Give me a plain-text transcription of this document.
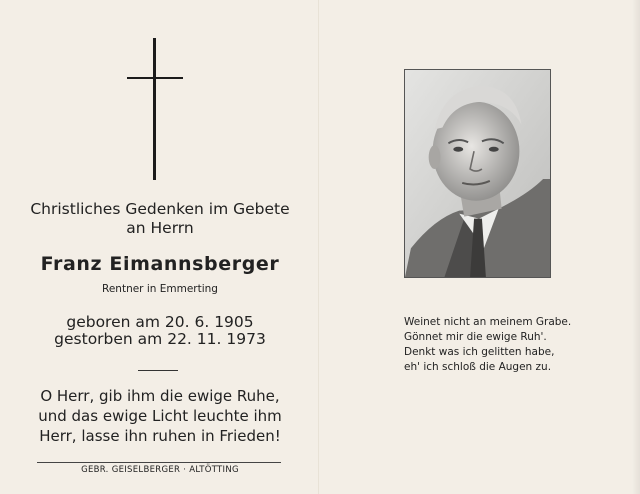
Christliches Gedenken im Gebete
an Herrn
Franz Eimannsberger
Rentner in Emmerting
geboren am 20. 6. 1905
gestorben am 22. 11. 1973
O Herr, gib ihm die ewige Ruhe,
und das ewige Licht leuchte ihm
Herr, lasse ihn ruhen in Frieden!
GEBR. GEISELBERGER · ALTÖTTING
Weinet nicht an meinem Grabe.
Gönnet mir die ewige Ruh'.
Denkt was ich gelitten habe,
eh' ich schloß die Augen zu.
